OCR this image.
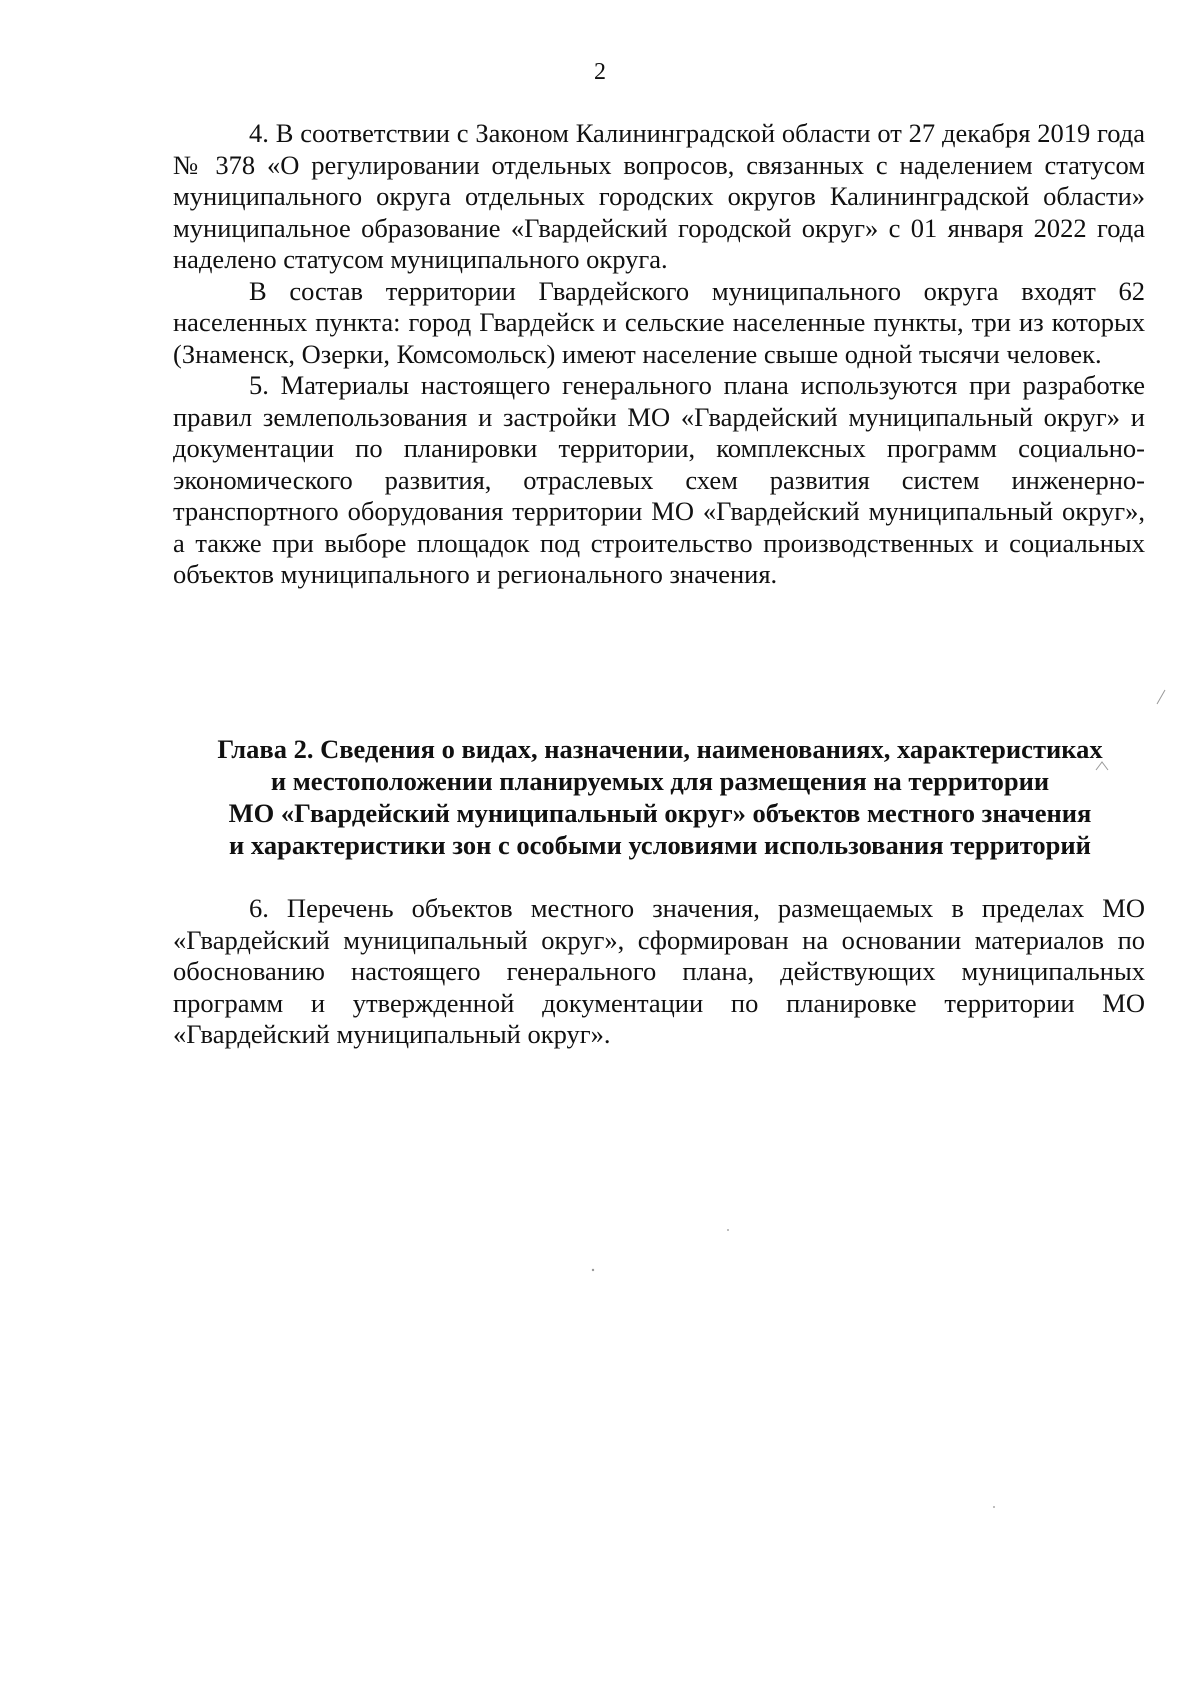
2

4. В соответствии с Законом Калининградской области от 27 декабря 2019 года № 378 «О регулировании отдельных вопросов, связанных с наделением статусом муниципального округа отдельных городских округов Калининградской области» муниципальное образование «Гвардейский городской округ» с 01 января 2022 года наделено статусом муниципального округа.

В состав территории Гвардейского муниципального округа входят 62 населенных пункта: город Гвардейск и сельские населенные пункты, три из которых (Знаменск, Озерки, Комсомольск) имеют население свыше одной тысячи человек.

5. Материалы настоящего генерального плана используются при разработке правил землепользования и застройки МО «Гвардейский муниципальный округ» и документации по планировки территории, комплексных программ социально-экономического развития, отраслевых схем развития систем инженерно-транспортного оборудования территории МО «Гвардейский муниципальный округ», а также при выборе площадок под строительство производственных и социальных объектов муниципального и регионального значения.

Глава 2. Сведения о видах, назначении, наименованиях, характеристиках
и местоположении планируемых для размещения на территории
МО «Гвардейский муниципальный округ» объектов местного значения
и характеристики зон с особыми условиями использования территорий

6. Перечень объектов местного значения, размещаемых в пределах МО «Гвардейский муниципальный округ», сформирован на основании материалов по обоснованию настоящего генерального плана, действующих муниципальных программ и утвержденной документации по планировке территории МО «Гвардейский муниципальный округ».
